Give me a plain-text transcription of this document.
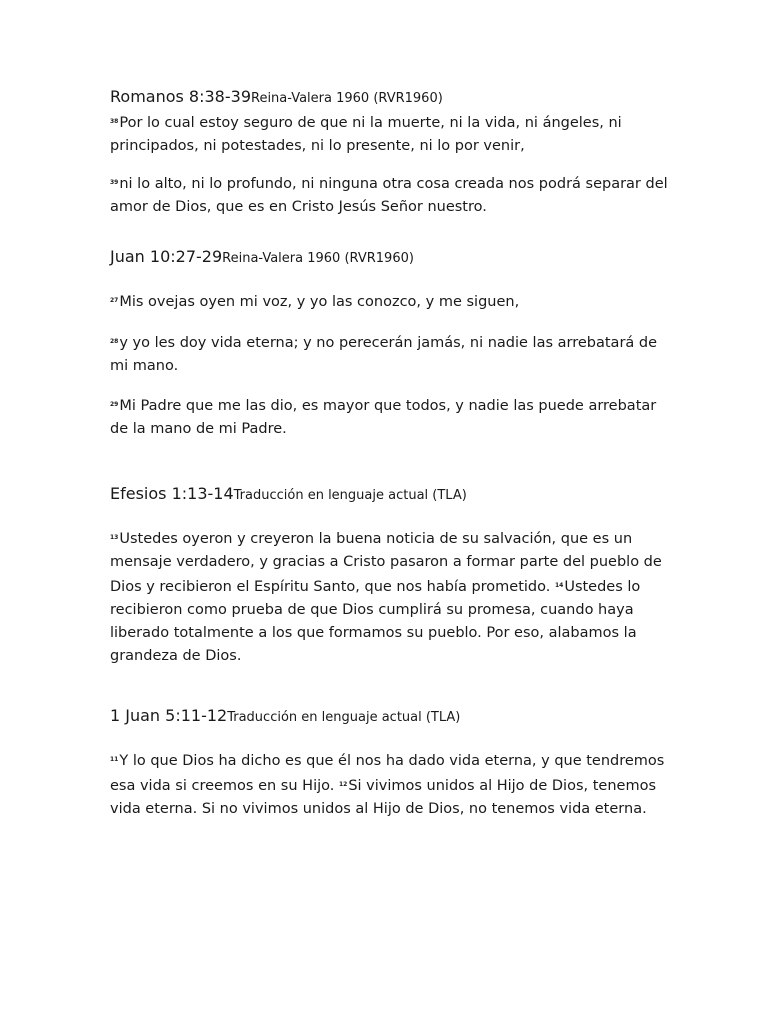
Romanos 8:38-39Reina-Valera 1960 (RVR1960)

$^{38}$Por lo cual estoy seguro de que ni la muerte, ni la vida, ni ángeles, ni principados, ni potestades, ni lo presente, ni lo por venir,

$^{39}$ni lo alto, ni lo profundo, ni ninguna otra cosa creada nos podrá separar del amor de Dios, que es en Cristo Jesús Señor nuestro.

Juan 10:27-29Reina-Valera 1960 (RVR1960)

$^{27}$Mis ovejas oyen mi voz, y yo las conozco, y me siguen,

$^{28}$y yo les doy vida eterna; y no perecerán jamás, ni nadie las arrebatará de mi mano.

$^{29}$Mi Padre que me las dio, es mayor que todos, y nadie las puede arrebatar de la mano de mi Padre.

Efesios 1:13-14Traducción en lenguaje actual (TLA)

$^{13}$Ustedes oyeron y creyeron la buena noticia de su salvación, que es un mensaje verdadero, y gracias a Cristo pasaron a formar parte del pueblo de Dios y recibieron el Espíritu Santo, que nos había prometido. $^{14}$Ustedes lo recibieron como prueba de que Dios cumplirá su promesa, cuando haya liberado totalmente a los que formamos su pueblo. Por eso, alabamos la grandeza de Dios.

1 Juan 5:11-12Traducción en lenguaje actual (TLA)

$^{11}$Y lo que Dios ha dicho es que él nos ha dado vida eterna, y que tendremos esa vida si creemos en su Hijo. $^{12}$Si vivimos unidos al Hijo de Dios, tenemos vida eterna. Si no vivimos unidos al Hijo de Dios, no tenemos vida eterna.
